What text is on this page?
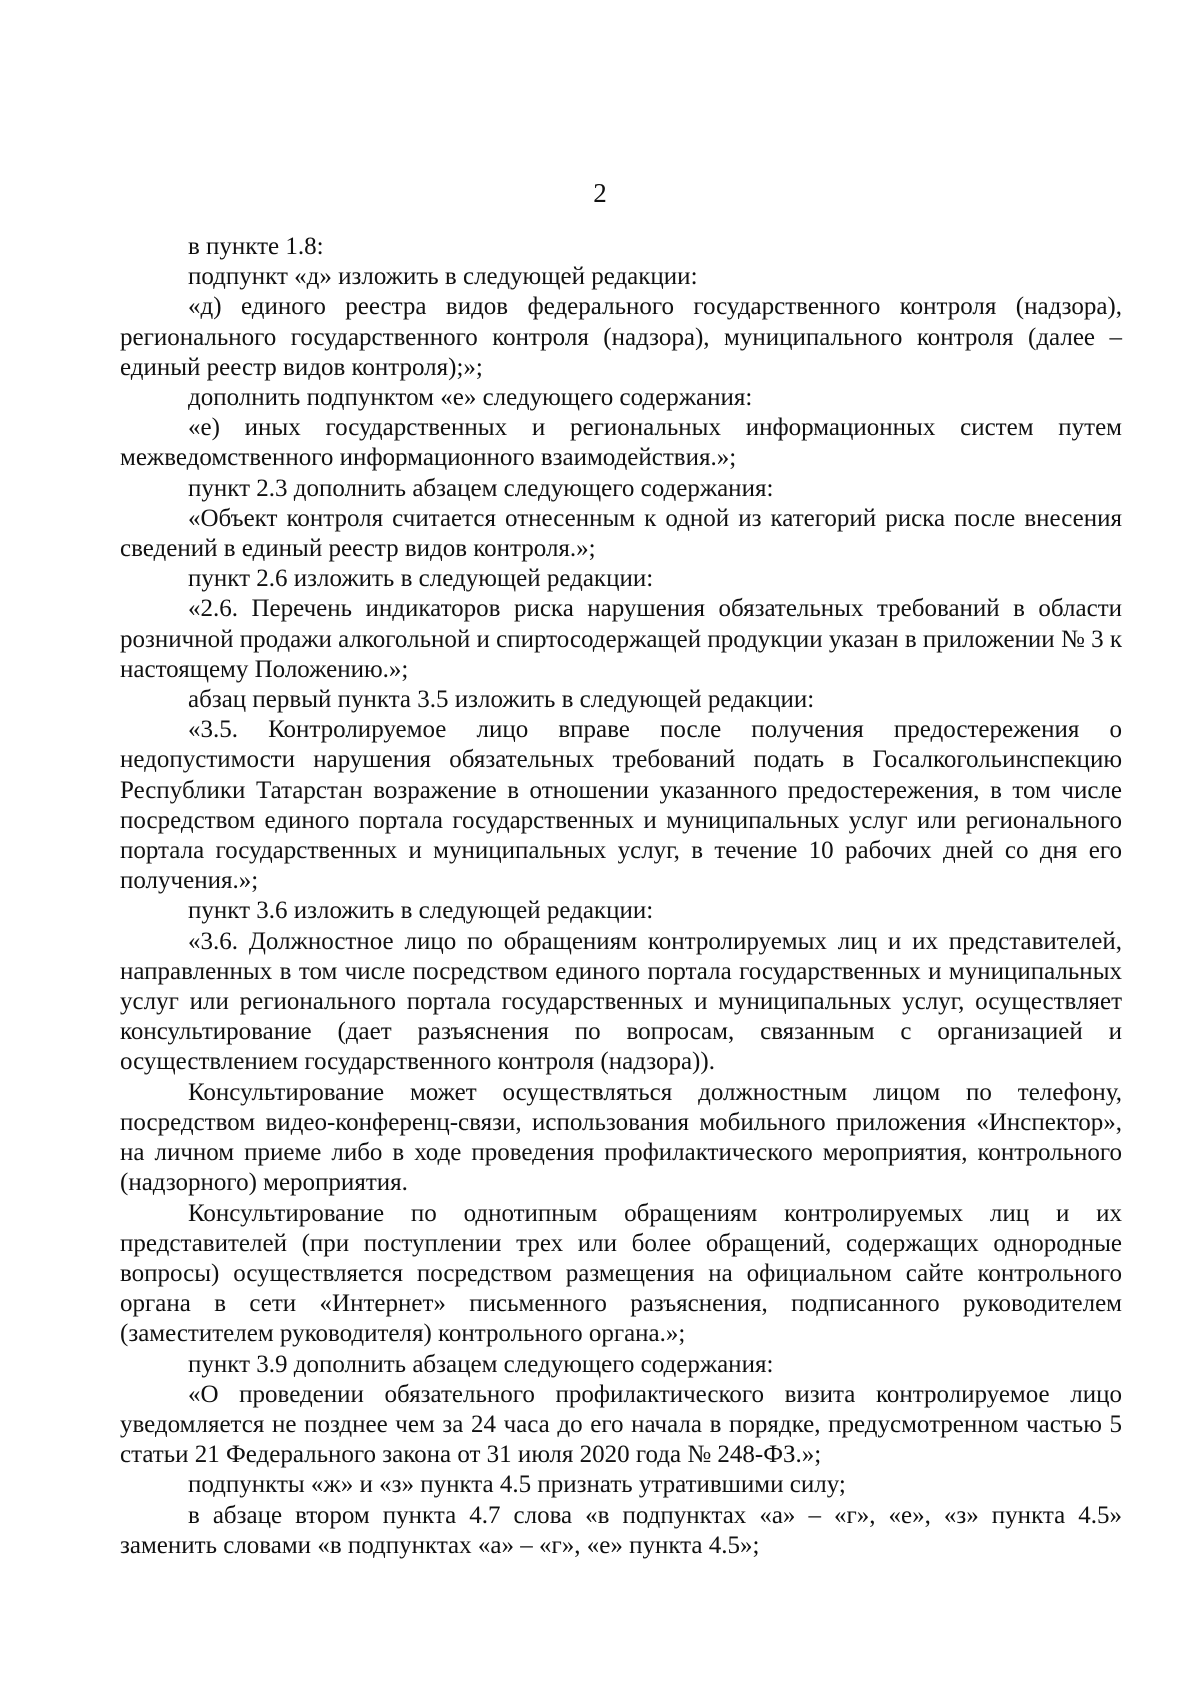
2

в пункте 1.8:

подпункт «д» изложить в следующей редакции:

«д) единого реестра видов федерального государственного контроля (надзора), регионального государственного контроля (надзора), муниципального контроля (далее – единый реестр видов контроля);»;

дополнить подпунктом «е» следующего содержания:

«е) иных государственных и региональных информационных систем путем межведомственного информационного взаимодействия.»;

пункт 2.3 дополнить абзацем следующего содержания:

«Объект контроля считается отнесенным к одной из категорий риска после внесения сведений в единый реестр видов контроля.»;

пункт 2.6 изложить в следующей редакции:

«2.6. Перечень индикаторов риска нарушения обязательных требований в области розничной продажи алкогольной и спиртосодержащей продукции указан в приложении № 3 к настоящему Положению.»;

абзац первый пункта 3.5 изложить в следующей редакции:

«3.5. Контролируемое лицо вправе после получения предостережения о недопустимости нарушения обязательных требований подать в Госалкогольинспекцию Республики Татарстан возражение в отношении указанного предостережения, в том числе посредством единого портала государственных и муниципальных услуг или регионального портала государственных и муниципальных услуг, в течение 10 рабочих дней со дня его получения.»;

пункт 3.6 изложить в следующей редакции:

«3.6. Должностное лицо по обращениям контролируемых лиц и их представителей, направленных в том числе посредством единого портала государственных и муниципальных услуг или регионального портала государственных и муниципальных услуг, осуществляет консультирование (дает разъяснения по вопросам, связанным с организацией и осуществлением государственного контроля (надзора)).

Консультирование может осуществляться должностным лицом по телефону, посредством видео-конференц-связи, использования мобильного приложения «Инспектор», на личном приеме либо в ходе проведения профилактического мероприятия, контрольного (надзорного) мероприятия.

Консультирование по однотипным обращениям контролируемых лиц и их представителей (при поступлении трех или более обращений, содержащих однородные вопросы) осуществляется посредством размещения на официальном сайте контрольного органа в сети «Интернет» письменного разъяснения, подписанного руководителем (заместителем руководителя) контрольного органа.»;

пункт 3.9 дополнить абзацем следующего содержания:

«О проведении обязательного профилактического визита контролируемое лицо уведомляется не позднее чем за 24 часа до его начала в порядке, предусмотренном частью 5 статьи 21 Федерального закона от 31 июля 2020 года № 248-ФЗ.»;

подпункты «ж» и «з» пункта 4.5 признать утратившими силу;

в абзаце втором пункта 4.7 слова «в подпунктах «а» – «г», «е», «з» пункта 4.5» заменить словами «в подпунктах «а» – «г», «е» пункта 4.5»;
